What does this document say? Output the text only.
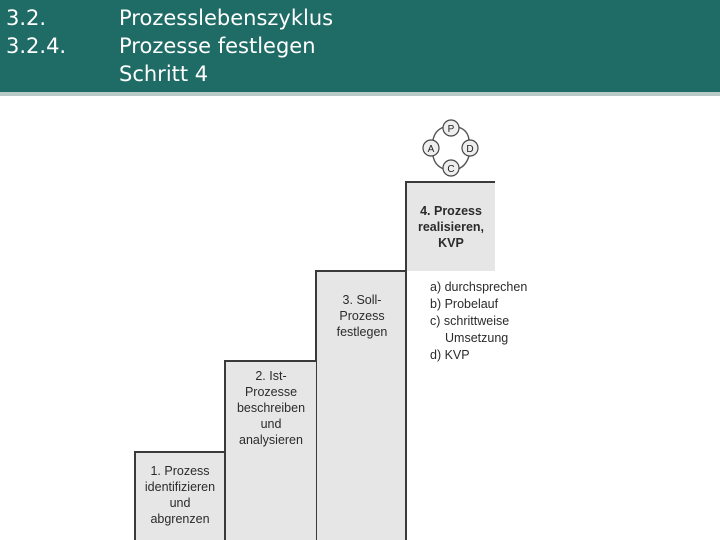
3.2.
3.2.4.
Prozesslebenszyklus
Prozesse festlegen
Schritt 4
P
D
C
A
3. Soll-
Prozess
festlegen
2. Ist-
Prozesse
beschreiben
und
analysieren
1. Prozess
identifizieren
und
abgrenzen
4. Prozess
realisieren,
KVP
a) durchsprechen
b) Probelauf
c) schrittweise
Umsetzung
d) KVP
